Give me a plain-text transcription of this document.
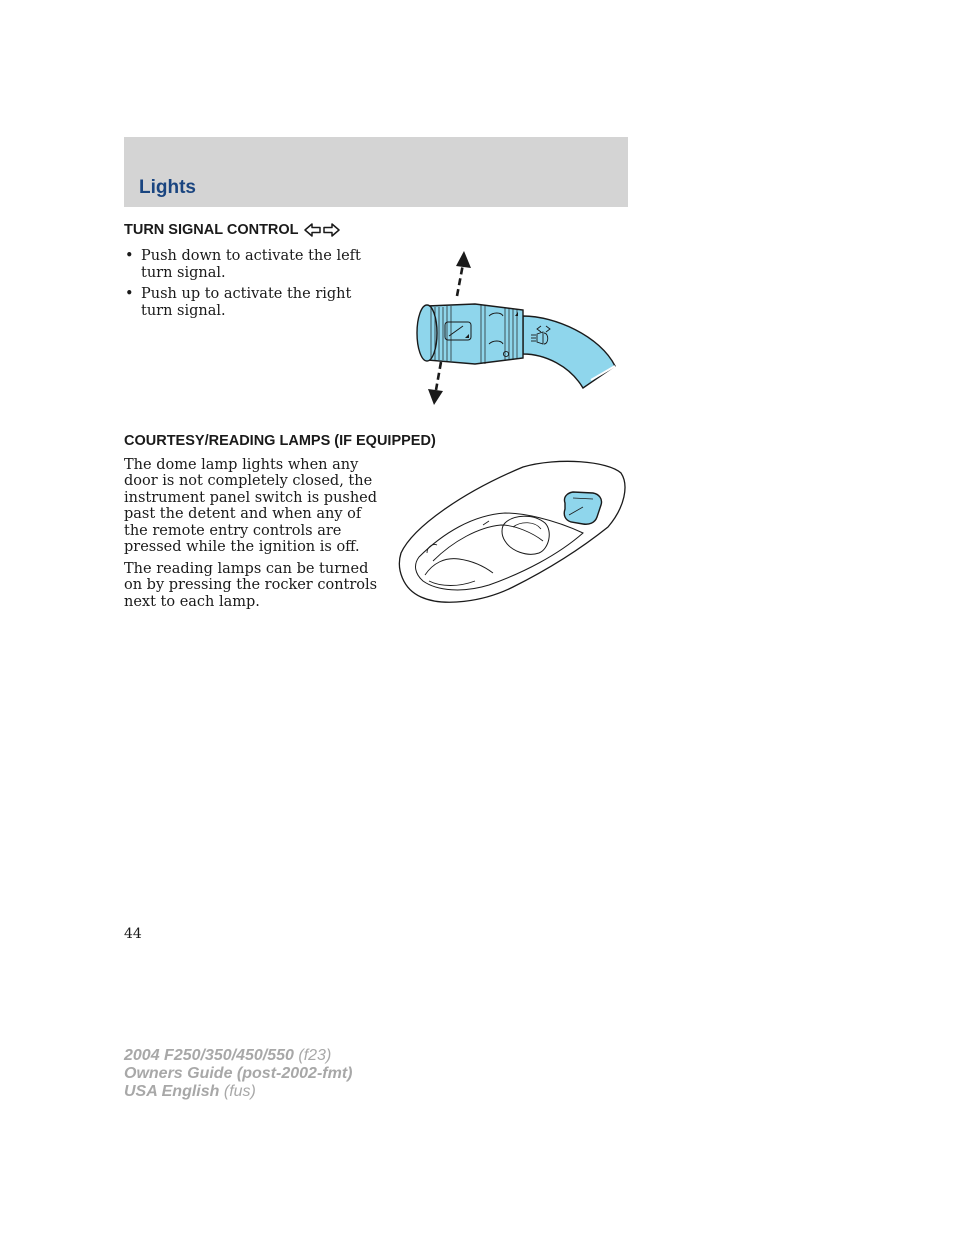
Lights
TURN SIGNAL CONTROL
• Push down to activate the left turn signal.
• Push up to activate the right turn signal.
COURTESY/READING LAMPS (IF EQUIPPED)

The dome lamp lights when any door is not completely closed, the instrument panel switch is pushed past the detent and when any of the remote entry controls are pressed while the ignition is off.

The reading lamps can be turned on by pressing the rocker controls next to each lamp.

44

2004 F250/350/450/550 (f23)
Owners Guide (post-2002-fmt)
USA English (fus)
